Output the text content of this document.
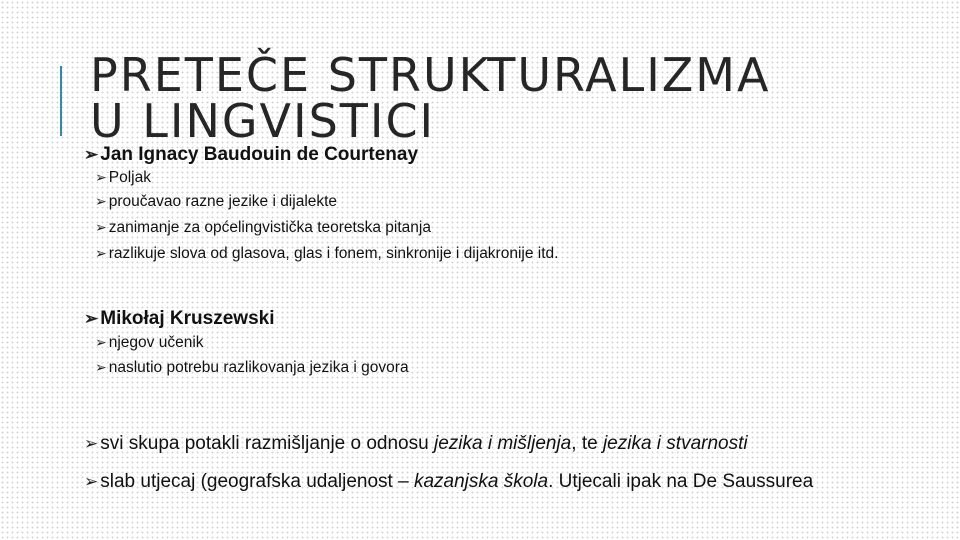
PRETEČE STRUKTURALIZMA
U LINGVISTICI
➢ Jan Ignacy Baudouin de Courtenay
➢ Poljak
➢ proučavao razne jezike i dijalekte
➢ zanimanje za općelingvistička teoretska pitanja
➢ razlikuje slova od glasova, glas i fonem, sinkronije i dijakronije itd.
➢ Mikołaj Kruszewski
➢ njegov učenik
➢ naslutio potrebu razlikovanja jezika i govora
➢ svi skupa potakli razmišljanje o odnosu jezika i mišljenja, te jezika i stvarnosti
➢ slab utjecaj (geografska udaljenost – kazanjska škola. Utjecali ipak na De Saussurea
